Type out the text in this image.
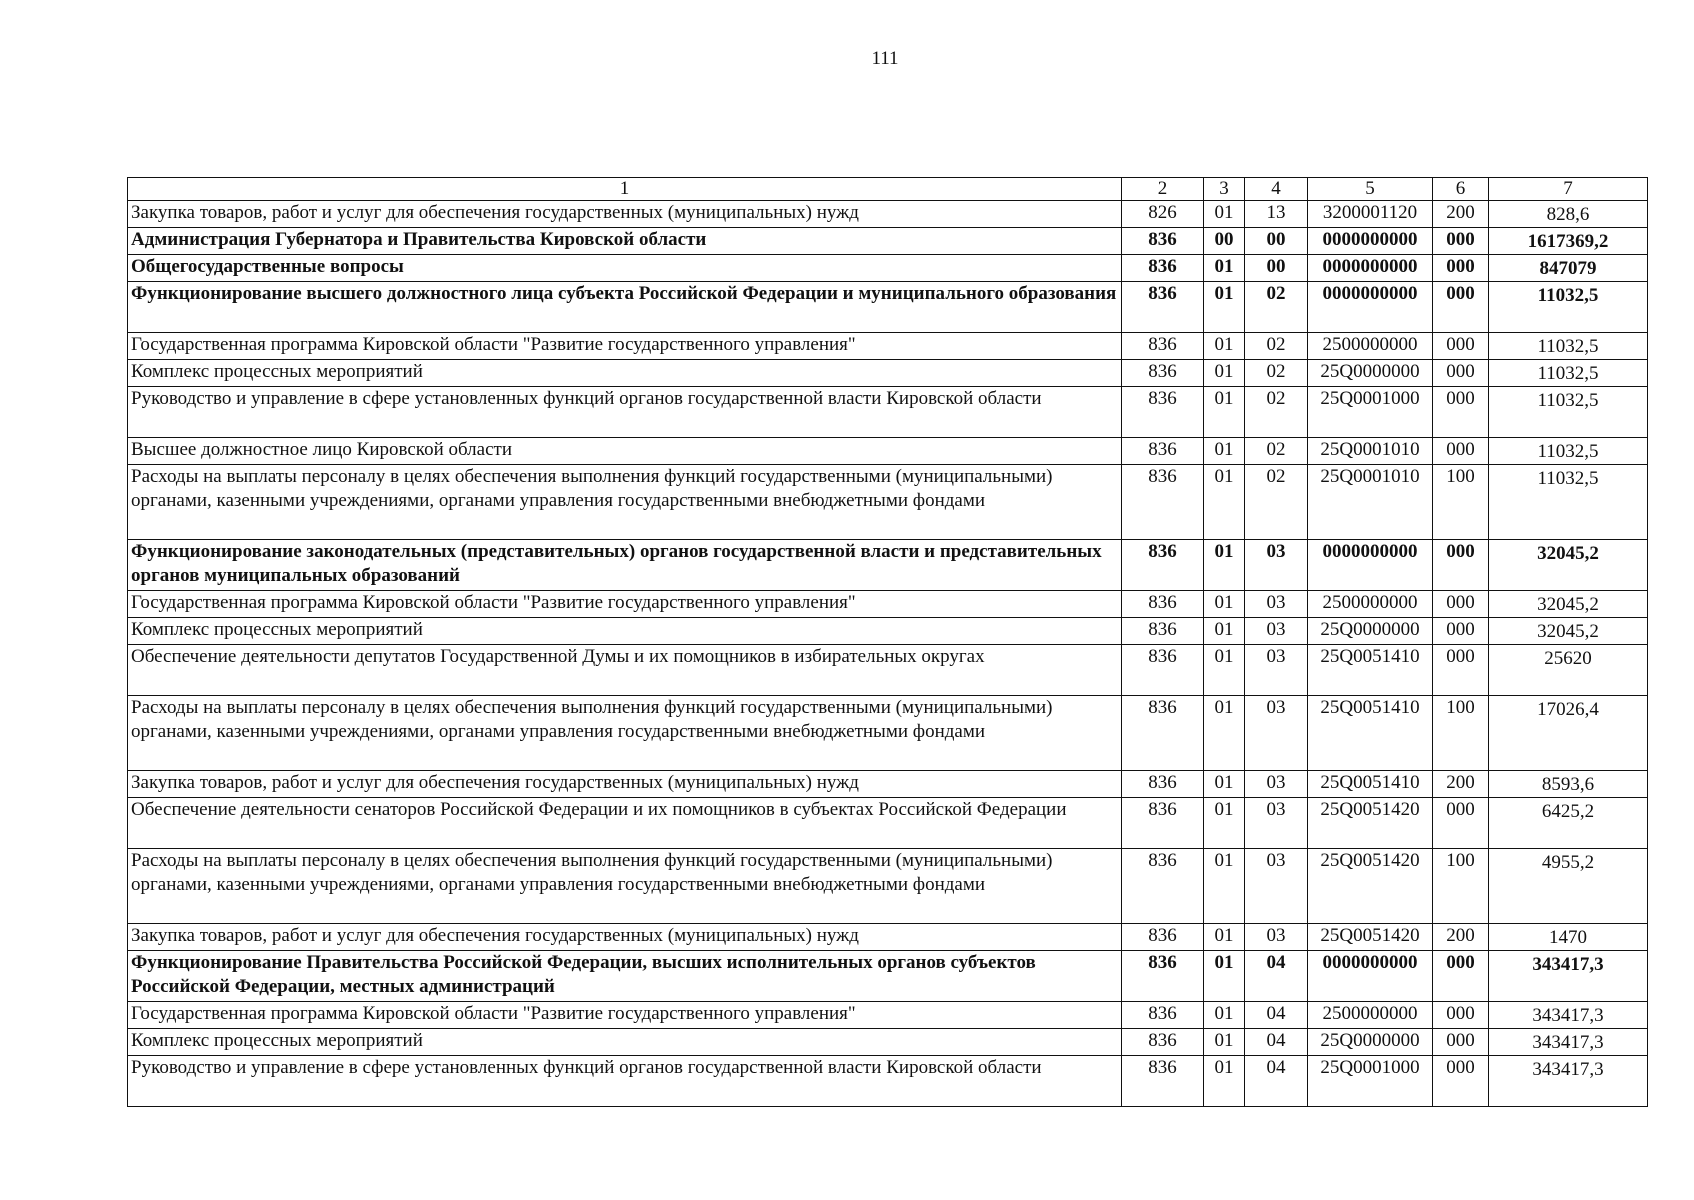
111
1	2	3	4	5	6	7
Закупка товаров, работ и услуг для обеспечения государственных (муниципальных) нужд	826	01	13	3200001120	200	828,6
Администрация Губернатора и Правительства Кировской области	836	00	00	0000000000	000	1617369,2
Общегосударственные вопросы	836	01	00	0000000000	000	847079
Функционирование высшего должностного лица субъекта Российской Федерации и муниципального образования	836	01	02	0000000000	000	11032,5
Государственная программа Кировской области "Развитие государственного управления"	836	01	02	2500000000	000	11032,5
Комплекс процессных мероприятий	836	01	02	25Q0000000	000	11032,5
Руководство и управление в сфере установленных функций органов государственной власти Кировской области	836	01	02	25Q0001000	000	11032,5
Высшее должностное лицо Кировской области	836	01	02	25Q0001010	000	11032,5
Расходы на выплаты персоналу в целях обеспечения выполнения функций государственными (муниципальными) органами, казенными учреждениями, органами управления государственными внебюджетными фондами	836	01	02	25Q0001010	100	11032,5
Функционирование законодательных (представительных) органов государственной власти и представительных органов муниципальных образований	836	01	03	0000000000	000	32045,2
Государственная программа Кировской области "Развитие государственного управления"	836	01	03	2500000000	000	32045,2
Комплекс процессных мероприятий	836	01	03	25Q0000000	000	32045,2
Обеспечение деятельности депутатов Государственной Думы и их помощников в избирательных округах	836	01	03	25Q0051410	000	25620
Расходы на выплаты персоналу в целях обеспечения выполнения функций государственными (муниципальными) органами, казенными учреждениями, органами управления государственными внебюджетными фондами	836	01	03	25Q0051410	100	17026,4
Закупка товаров, работ и услуг для обеспечения государственных (муниципальных) нужд	836	01	03	25Q0051410	200	8593,6
Обеспечение деятельности сенаторов Российской Федерации и их помощников в субъектах Российской Федерации	836	01	03	25Q0051420	000	6425,2
Расходы на выплаты персоналу в целях обеспечения выполнения функций государственными (муниципальными) органами, казенными учреждениями, органами управления государственными внебюджетными фондами	836	01	03	25Q0051420	100	4955,2
Закупка товаров, работ и услуг для обеспечения государственных (муниципальных) нужд	836	01	03	25Q0051420	200	1470
Функционирование Правительства Российской Федерации, высших исполнительных органов субъектов Российской Федерации, местных администраций	836	01	04	0000000000	000	343417,3
Государственная программа Кировской области "Развитие государственного управления"	836	01	04	2500000000	000	343417,3
Комплекс процессных мероприятий	836	01	04	25Q0000000	000	343417,3
Руководство и управление в сфере установленных функций органов государственной власти Кировской области	836	01	04	25Q0001000	000	343417,3
